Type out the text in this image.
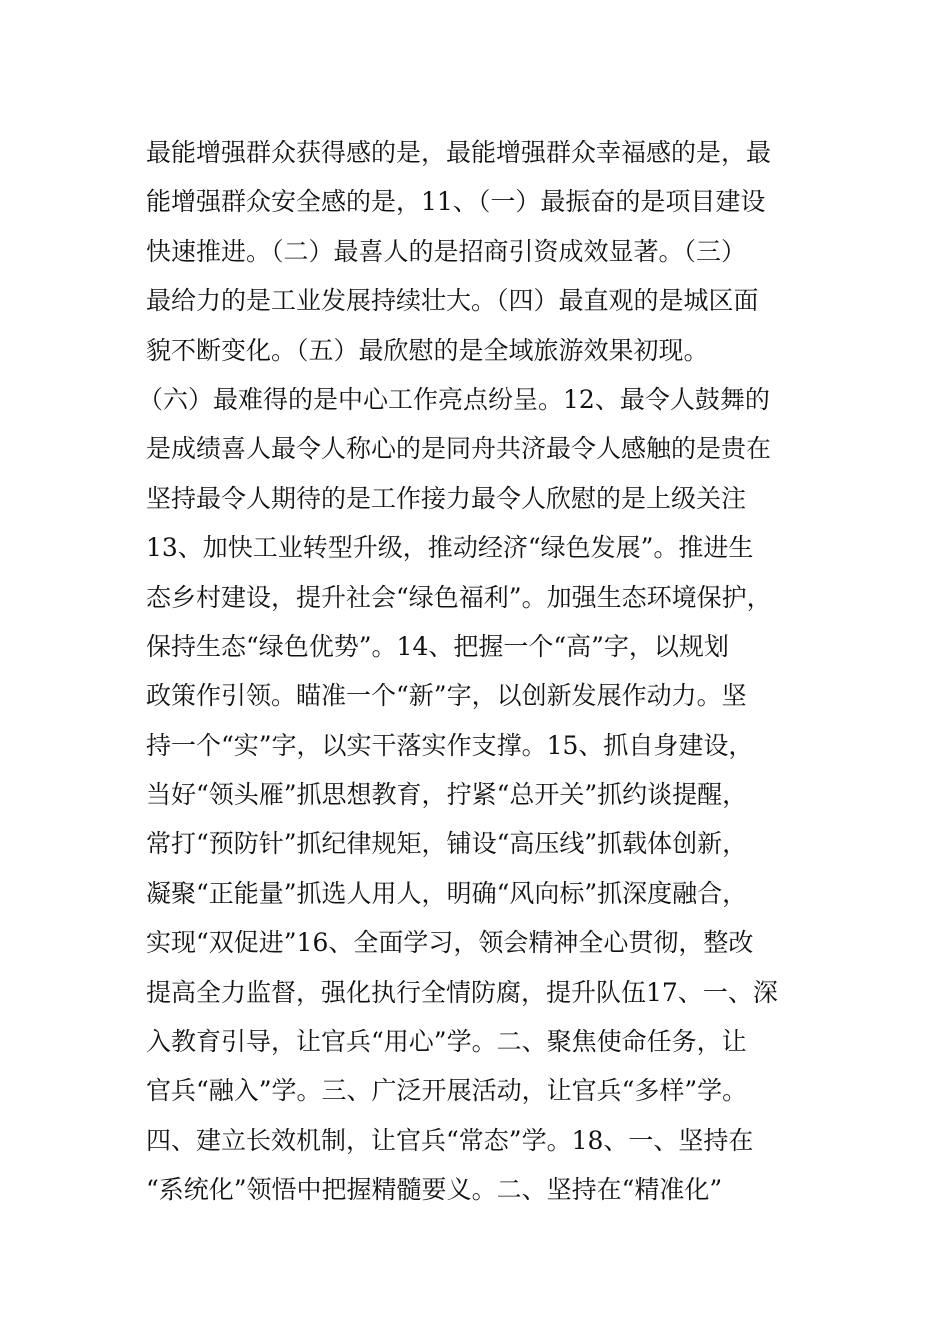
最能增强群众获得感的是，最能增强群众幸福感的是，最
能增强群众安全感的是，11、（一）最振奋的是项目建设
快速推进。（二）最喜人的是招商引资成效显著。（三）
最给力的是工业发展持续壮大。（四）最直观的是城区面
貌不断变化。（五）最欣慰的是全域旅游效果初现。
（六）最难得的是中心工作亮点纷呈。12、最令人鼓舞的
是成绩喜人最令人称心的是同舟共济最令人感触的是贵在
坚持最令人期待的是工作接力最令人欣慰的是上级关注
13、加快工业转型升级，推动经济“绿色发展”。推进生
态乡村建设，提升社会“绿色福利”。加强生态环境保护，
保持生态“绿色优势”。14、把握一个“高”字，以规划
政策作引领。瞄准一个“新”字，以创新发展作动力。坚
持一个“实”字，以实干落实作支撑。15、抓自身建设，
当好“领头雁”抓思想教育，拧紧“总开关”抓约谈提醒，
常打“预防针”抓纪律规矩，铺设“高压线”抓载体创新，
凝聚“正能量”抓选人用人，明确“风向标”抓深度融合，
实现“双促进”16、全面学习，领会精神全心贯彻，整改
提高全力监督，强化执行全情防腐，提升队伍17、一、深
入教育引导，让官兵“用心”学。二、聚焦使命任务，让
官兵“融入”学。三、广泛开展活动，让官兵“多样”学。
四、建立长效机制，让官兵“常态”学。18、一、坚持在
“系统化”领悟中把握精髓要义。二、坚持在“精准化”
